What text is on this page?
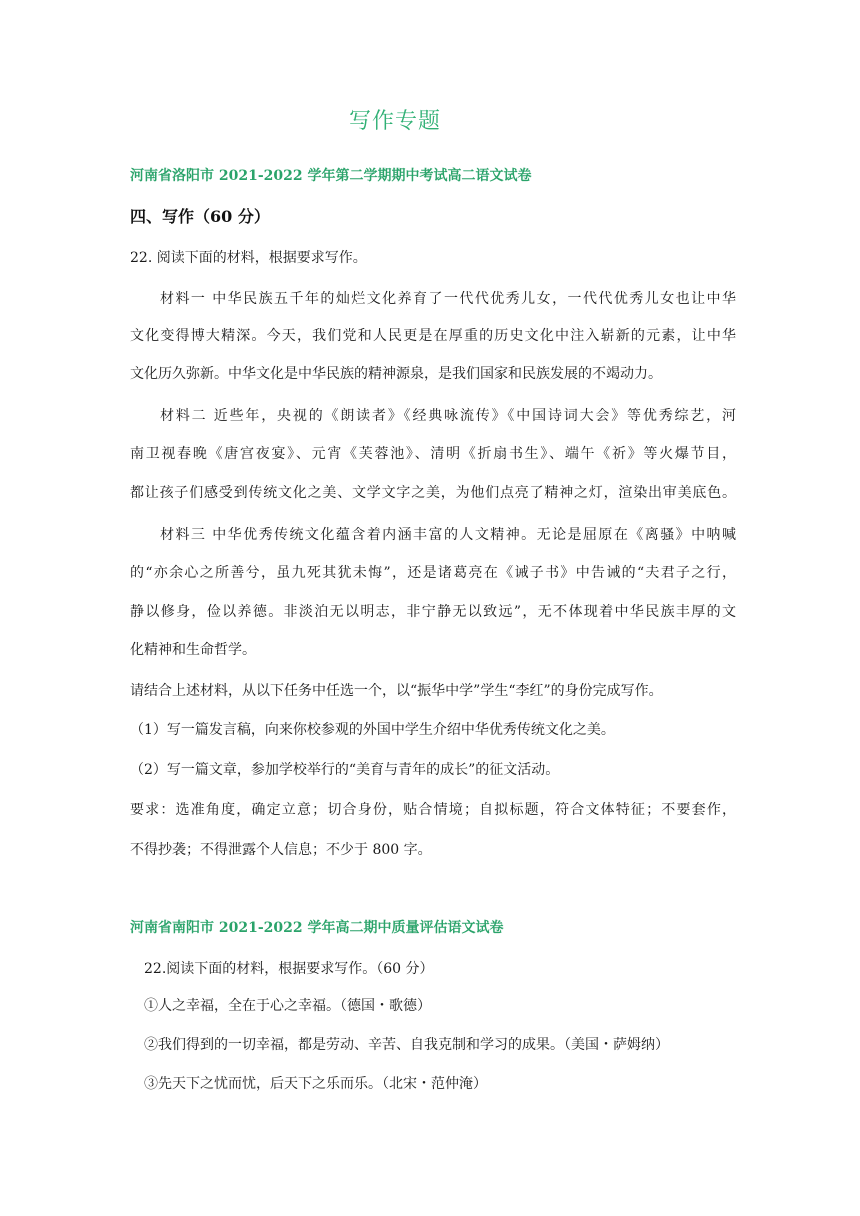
写作专题
河南省洛阳市 2021-2022 学年第二学期期中考试高二语文试卷
四、写作（60 分）
22. 阅读下面的材料，根据要求写作。
材料一 中华民族五千年的灿烂文化养育了一代代优秀儿女，一代代优秀儿女也让中华
文化变得博大精深。今天，我们党和人民更是在厚重的历史文化中注入崭新的元素，让中华
文化历久弥新。中华文化是中华民族的精神源泉，是我们国家和民族发展的不竭动力。
材料二 近些年，央视的《朗读者》《经典咏流传》《中国诗词大会》等优秀综艺，河
南卫视春晚《唐宫夜宴》、元宵《芙蓉池》、清明《折扇书生》、端午《祈》等火爆节目，
都让孩子们感受到传统文化之美、文学文字之美，为他们点亮了精神之灯，渲染出审美底色。
材料三 中华优秀传统文化蕴含着内涵丰富的人文精神。无论是屈原在《离骚》中呐喊
的“亦余心之所善兮，虽九死其犹未悔”，还是诸葛亮在《诫子书》中告诫的“夫君子之行，
静以修身，俭以养德。非淡泊无以明志，非宁静无以致远”，无不体现着中华民族丰厚的文
化精神和生命哲学。
请结合上述材料，从以下任务中任选一个，以“振华中学”学生“李红”的身份完成写作。
（1）写一篇发言稿，向来你校参观的外国中学生介绍中华优秀传统文化之美。
（2）写一篇文章，参加学校举行的“美育与青年的成长”的征文活动。
要求：选准角度，确定立意；切合身份，贴合情境；自拟标题，符合文体特征；不要套作，
不得抄袭；不得泄露个人信息；不少于 800 字。
河南省南阳市 2021-2022 学年高二期中质量评估语文试卷
22.阅读下面的材料，根据要求写作。（60 分）
①人之幸福，全在于心之幸福。（德国・歌德）
②我们得到的一切幸福，都是劳动、辛苦、自我克制和学习的成果。（美国・萨姆纳）
③先天下之忧而忧，后天下之乐而乐。（北宋・范仲淹）
